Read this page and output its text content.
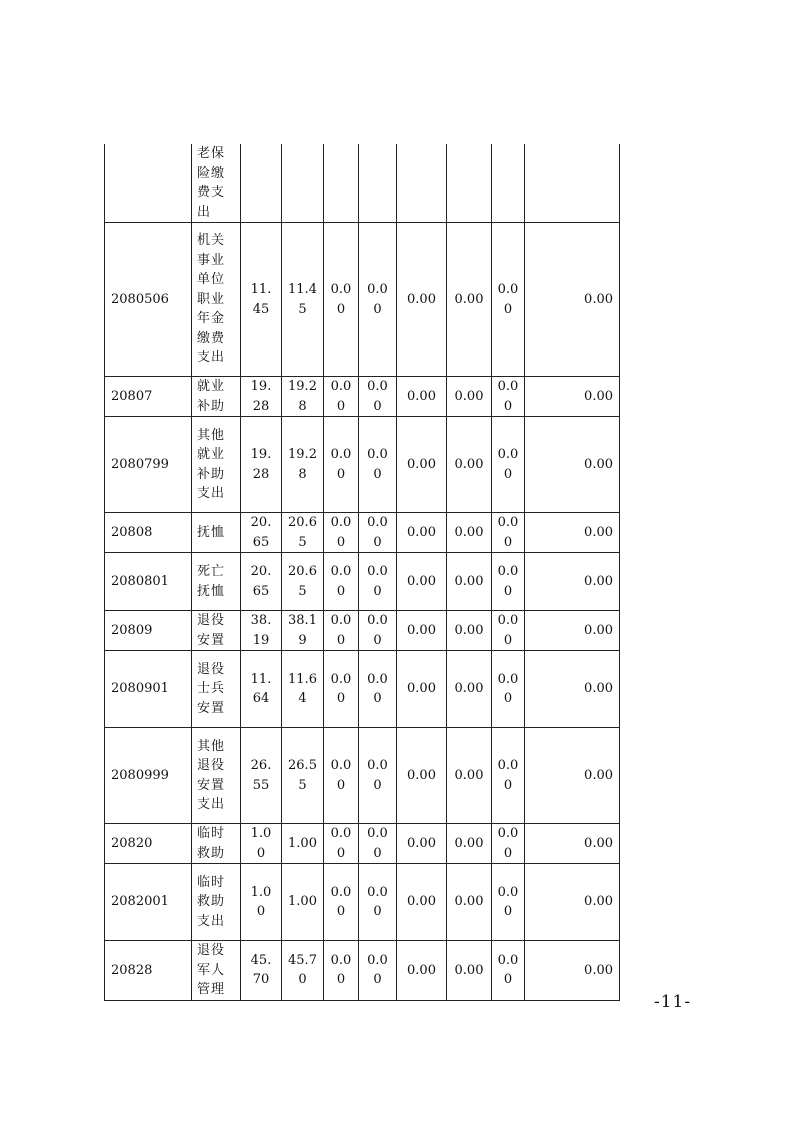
	老保险缴费支出								

2080506	机关事业单位职业年金缴费支出	11.45	11.45	0.00	0.00	0.00	0.00	0.00	0.00

20807	就业补助	19.28	19.28	0.00	0.00	0.00	0.00	0.00	0.00

2080799	其他就业补助支出	19.28	19.28	0.00	0.00	0.00	0.00	0.00	0.00

20808	抚恤	20.65	20.65	0.00	0.00	0.00	0.00	0.00	0.00

2080801	死亡抚恤	20.65	20.65	0.00	0.00	0.00	0.00	0.00	0.00

20809	退役安置	38.19	38.19	0.00	0.00	0.00	0.00	0.00	0.00

2080901	退役士兵安置	11.64	11.64	0.00	0.00	0.00	0.00	0.00	0.00

2080999	其他退役安置支出	26.55	26.55	0.00	0.00	0.00	0.00	0.00	0.00

20820	临时救助	1.00	1.00	0.00	0.00	0.00	0.00	0.00	0.00

2082001	临时救助支出	1.00	1.00	0.00	0.00	0.00	0.00	0.00	0.00

20828	退役军人管理	45.70	45.70	0.00	0.00	0.00	0.00	0.00	0.00
-11-
